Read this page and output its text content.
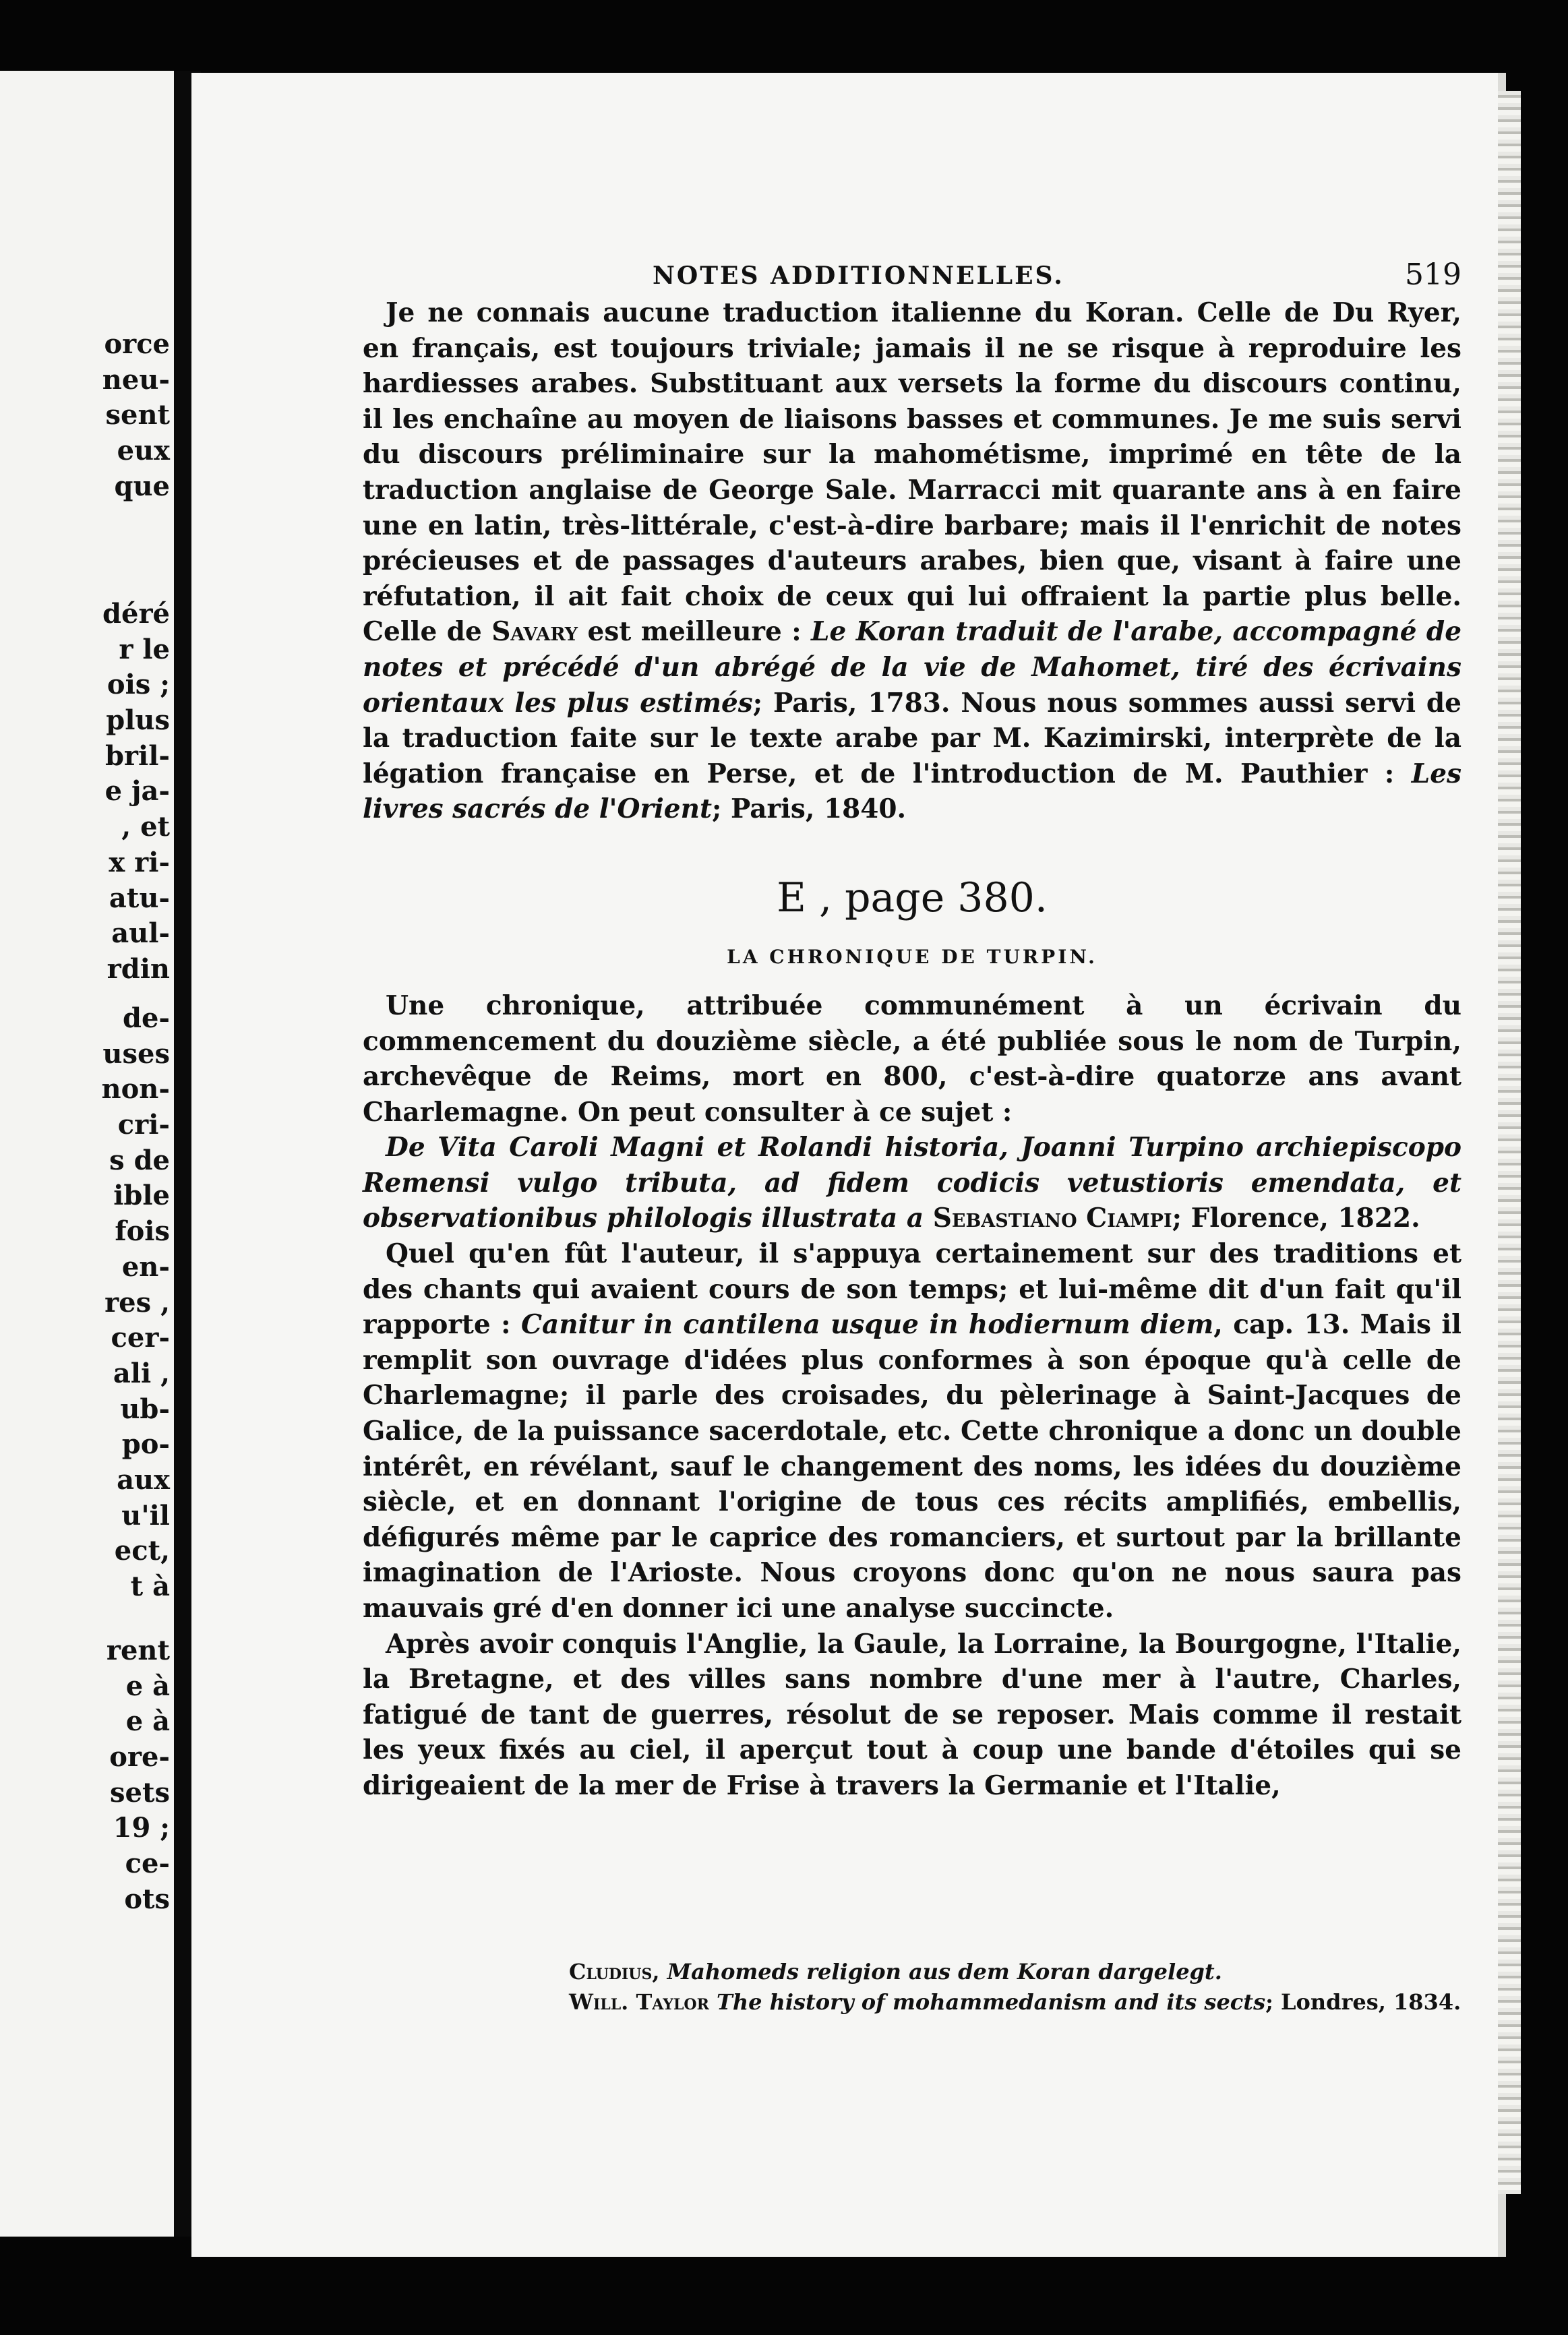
orce
neu-
sent
eux
que
déré
r le
ois ;
plus
bril-
e ja-
, et
x ri-
atu-
aul-
rdin
de-
uses
non-
cri-
s de
ible
fois
en-
res ,
cer-
ali ,
ub-
po-
aux
u'il
ect,
t à
rent
e à
e à
ore-
sets
19 ;
ce-
ots
NOTES ADDITIONNELLES.	519

Je ne connais aucune traduction italienne du Koran. Celle de Du Ryer, en français, est toujours triviale; jamais il ne se risque à reproduire les hardiesses arabes. Substituant aux versets la forme du discours continu, il les enchaîne au moyen de liaisons basses et communes. Je me suis servi du discours préliminaire sur la mahométisme, imprimé en tête de la traduction anglaise de George Sale. Marracci mit quarante ans à en faire une en latin, très-littérale, c'est-à-dire barbare; mais il l'enrichit de notes précieuses et de passages d'auteurs arabes, bien que, visant à faire une réfutation, il ait fait choix de ceux qui lui offraient la partie plus belle. Celle de Savary est meilleure : Le Koran traduit de l'arabe, accompagné de notes et précédé d'un abrégé de la vie de Mahomet, tiré des écrivains orientaux les plus estimés; Paris, 1783. Nous nous sommes aussi servi de la traduction faite sur le texte arabe par M. Kazimirski, interprète de la légation française en Perse, et de l'introduction de M. Pauthier : Les livres sacrés de l'Orient; Paris, 1840.

E , page 380.
LA CHRONIQUE DE TURPIN.

Une chronique, attribuée communément à un écrivain du commencement du douzième siècle, a été publiée sous le nom de Turpin, archevêque de Reims, mort en 800, c'est-à-dire quatorze ans avant Charlemagne. On peut consulter à ce sujet :

De Vita Caroli Magni et Rolandi historia, Joanni Turpino archiepiscopo Remensi vulgo tributa, ad fidem codicis vetustioris emendata, et observationibus philologis illustrata a Sebastiano Ciampi; Florence, 1822.

Quel qu'en fût l'auteur, il s'appuya certainement sur des traditions et des chants qui avaient cours de son temps; et lui-même dit d'un fait qu'il rapporte : Canitur in cantilena usque in hodiernum diem, cap. 13. Mais il remplit son ouvrage d'idées plus conformes à son époque qu'à celle de Charlemagne; il parle des croisades, du pèlerinage à Saint-Jacques de Galice, de la puissance sacerdotale, etc. Cette chronique a donc un double intérêt, en révélant, sauf le changement des noms, les idées du douzième siècle, et en donnant l'origine de tous ces récits amplifiés, embellis, défigurés même par le caprice des romanciers, et surtout par la brillante imagination de l'Arioste. Nous croyons donc qu'on ne nous saura pas mauvais gré d'en donner ici une analyse succincte.

Après avoir conquis l'Anglie, la Gaule, la Lorraine, la Bourgogne, l'Italie, la Bretagne, et des villes sans nombre d'une mer à l'autre, Charles, fatigué de tant de guerres, résolut de se reposer. Mais comme il restait les yeux fixés au ciel, il aperçut tout à coup une bande d'étoiles qui se dirigeaient de la mer de Frise à travers la Germanie et l'Italie,

Cludius, Mahomeds religion aus dem Koran dargelegt.
Will. Taylor The history of mohammedanism and its sects; Londres, 1834.
